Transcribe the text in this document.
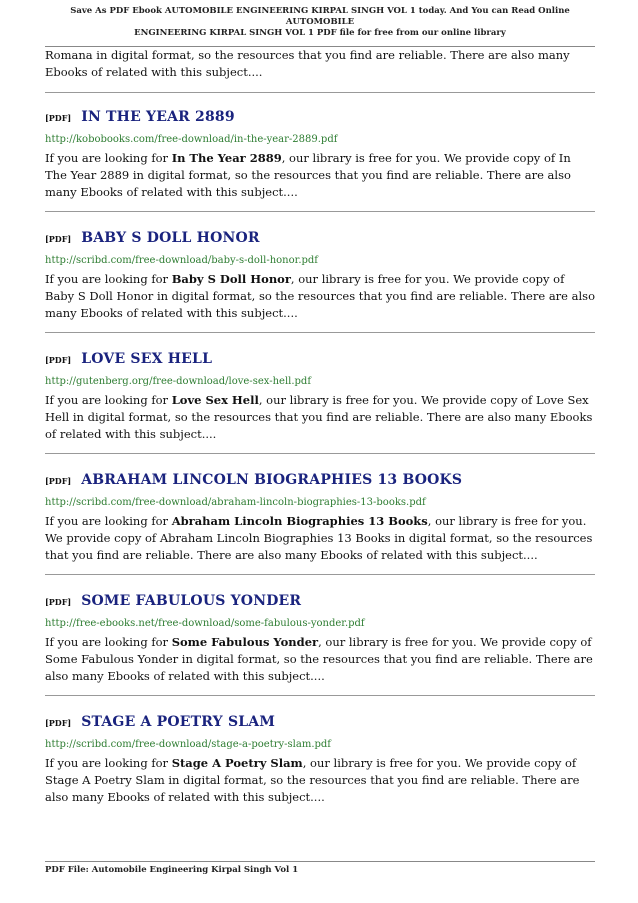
Save As PDF Ebook AUTOMOBILE ENGINEERING KIRPAL SINGH VOL 1 today. And You can Read Online AUTOMOBILE
ENGINEERING KIRPAL SINGH VOL 1 PDF file for free from our online library

Romana in digital format, so the resources that you find are reliable. There are also many Ebooks of related with this subject....

[PDF] IN THE YEAR 2889

http://kobobooks.com/free-download/in-the-year-2889.pdf

If you are looking for In The Year 2889, our library is free for you. We provide copy of In The Year 2889 in digital format, so the resources that you find are reliable. There are also many Ebooks of related with this subject....

[PDF] BABY S DOLL HONOR

http://scribd.com/free-download/baby-s-doll-honor.pdf

If you are looking for Baby S Doll Honor, our library is free for you. We provide copy of Baby S Doll Honor in digital format, so the resources that you find are reliable. There are also many Ebooks of related with this subject....

[PDF] LOVE SEX HELL

http://gutenberg.org/free-download/love-sex-hell.pdf

If you are looking for Love Sex Hell, our library is free for you. We provide copy of Love Sex Hell in digital format, so the resources that you find are reliable. There are also many Ebooks of related with this subject....

[PDF] ABRAHAM LINCOLN BIOGRAPHIES 13 BOOKS

http://scribd.com/free-download/abraham-lincoln-biographies-13-books.pdf

If you are looking for Abraham Lincoln Biographies 13 Books, our library is free for you. We provide copy of Abraham Lincoln Biographies 13 Books in digital format, so the resources that you find are reliable. There are also many Ebooks of related with this subject....

[PDF] SOME FABULOUS YONDER

http://free-ebooks.net/free-download/some-fabulous-yonder.pdf

If you are looking for Some Fabulous Yonder, our library is free for you. We provide copy of Some Fabulous Yonder in digital format, so the resources that you find are reliable. There are also many Ebooks of related with this subject....

[PDF] STAGE A POETRY SLAM

http://scribd.com/free-download/stage-a-poetry-slam.pdf

If you are looking for Stage A Poetry Slam, our library is free for you. We provide copy of Stage A Poetry Slam in digital format, so the resources that you find are reliable. There are also many Ebooks of related with this subject....

PDF File: Automobile Engineering Kirpal Singh Vol 1
